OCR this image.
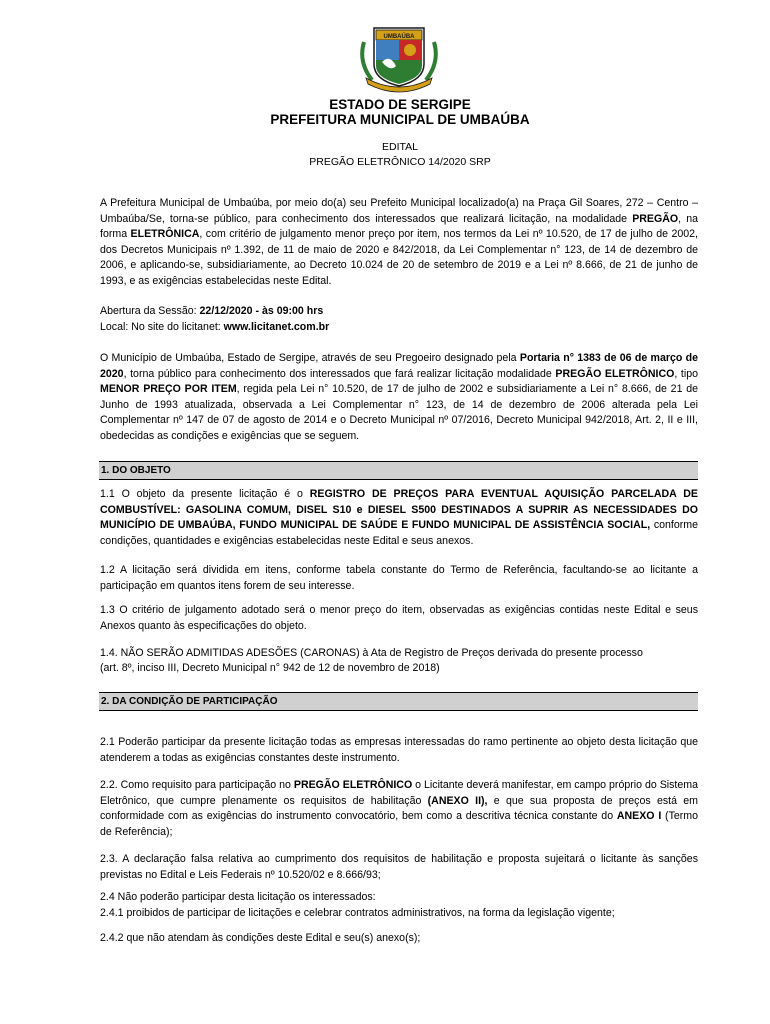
UMBAÚBA
ESTADO DE SERGIPE
PREFEITURA MUNICIPAL DE UMBAÚBA
EDITAL
PREGÃO ELETRÔNICO 14/2020 SRP

A Prefeitura Municipal de Umbaúba, por meio do(a) seu Prefeito Municipal localizado(a) na Praça Gil Soares, 272 – Centro – Umbaúba/Se, torna-se público, para conhecimento dos interessados que realizará licitação, na modalidade PREGÃO, na forma ELETRÔNICA, com critério de julgamento menor preço por item, nos termos da Lei nº 10.520, de 17 de julho de 2002, dos Decretos Municipais nº 1.392, de 11 de maio de 2020 e 842/2018, da Lei Complementar n° 123, de 14 de dezembro de 2006, e aplicando-se, subsidiariamente, ao Decreto 10.024 de 20 de setembro de 2019 e a Lei nº 8.666, de 21 de junho de 1993, e as exigências estabelecidas neste Edital.

Abertura da Sessão: 22/12/2020 - às 09:00 hrs
Local: No site do licitanet: www.licitanet.com.br

O Município de Umbaúba, Estado de Sergipe, através de seu Pregoeiro designado pela Portaria n° 1383 de 06 de março de 2020, torna público para conhecimento dos interessados que fará realizar licitação modalidade PREGÃO ELETRÔNICO, tipo MENOR PREÇO POR ITEM, regida pela Lei n° 10.520, de 17 de julho de 2002 e subsidiariamente a Lei n° 8.666, de 21 de Junho de 1993 atualizada, observada a Lei Complementar n° 123, de 14 de dezembro de 2006 alterada pela Lei Complementar nº 147 de 07 de agosto de 2014 e o Decreto Municipal nº 07/2016, Decreto Municipal 942/2018, Art. 2, II e III, obedecidas as condições e exigências que se seguem.

1. DO OBJETO

1.1 O objeto da presente licitação é o REGISTRO DE PREÇOS PARA EVENTUAL AQUISIÇÃO PARCELADA DE COMBUSTÍVEL: GASOLINA COMUM, DISEL S10 e DIESEL S500 DESTINADOS A SUPRIR AS NECESSIDADES DO MUNICÍPIO DE UMBAÚBA, FUNDO MUNICIPAL DE SAÚDE E FUNDO MUNICIPAL DE ASSISTÊNCIA SOCIAL, conforme condições, quantidades e exigências estabelecidas neste Edital e seus anexos.

1.2 A licitação será dividida em itens, conforme tabela constante do Termo de Referência, facultando-se ao licitante a participação em quantos itens forem de seu interesse.
1.3 O critério de julgamento adotado será o menor preço do item, observadas as exigências contidas neste Edital e seus Anexos quanto às especificações do objeto.
1.4. NÃO SERÃO ADMITIDAS ADESÕES (CARONAS) à Ata de Registro de Preços derivada do presente processo
(art. 8º, inciso III, Decreto Municipal n° 942 de 12 de novembro de 2018)
2. DA CONDIÇÃO DE PARTICIPAÇÃO
2.1 Poderão participar da presente licitação todas as empresas interessadas do ramo pertinente ao objeto desta licitação que atenderem a todas as exigências constantes deste instrumento.

2.2. Como requisito para participação no PREGÃO ELETRÔNICO o Licitante deverá manifestar, em campo próprio do Sistema Eletrônico, que cumpre plenamente os requisitos de habilitação (ANEXO II), e que sua proposta de preços está em conformidade com as exigências do instrumento convocatório, bem como a descritiva técnica constante do ANEXO I (Termo de Referência);

2.3. A declaração falsa relativa ao cumprimento dos requisitos de habilitação e proposta sujeitará o licitante às sanções previstas no Edital e Leis Federais nº 10.520/02 e 8.666/93;
2.4 Não poderão participar desta licitação os interessados:
2.4.1 proibidos de participar de licitações e celebrar contratos administrativos, na forma da legislação vigente;
2.4.2 que não atendam às condições deste Edital e seu(s) anexo(s);
